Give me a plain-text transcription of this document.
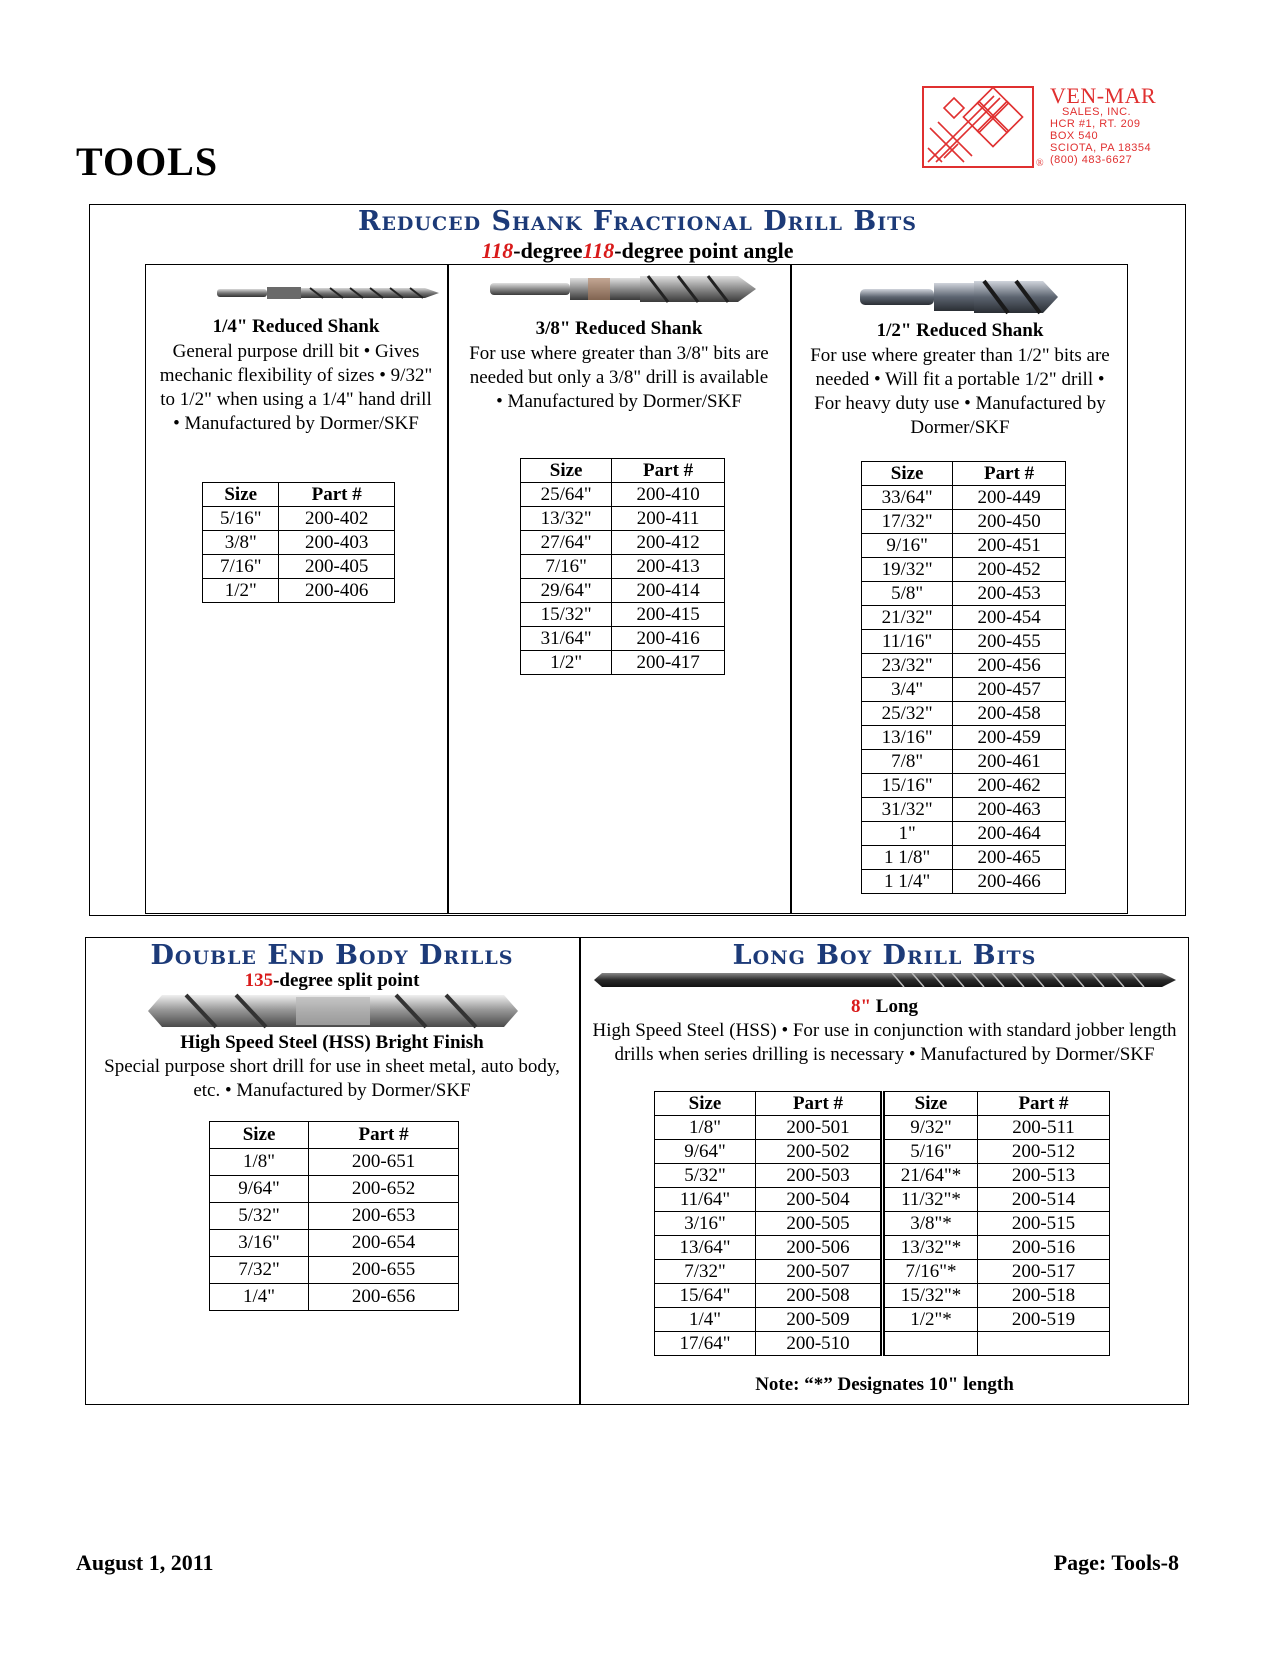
TOOLS	®
VEN-MAR
SALES, INC.
HCR #1, RT. 209
BOX 540
SCIOTA, PA 18354
(800) 483-6627
Reduced Shank Fractional Drill Bits
118-degree118-degree point angle
1/4" Reduced Shank
General purpose drill bit • Gives mechanic flexibility of sizes • 9/32" to 1/2" when using a 1/4" hand drill • Manufactured by Dormer/SKF
Size	Part #
5/16"	200-402
3/8"	200-403
7/16"	200-405
1/2"	200-406
3/8" Reduced Shank
For use where greater than 3/8" bits are needed but only a 3/8" drill is available • Manufactured by Dormer/SKF
Size	Part #
25/64"	200-410
13/32"	200-411
27/64"	200-412
7/16"	200-413
29/64"	200-414
15/32"	200-415
31/64"	200-416
1/2"	200-417
1/2" Reduced Shank
For use where greater than 1/2" bits are needed • Will fit a portable 1/2" drill • For heavy duty use • Manufactured by Dormer/SKF
Size	Part #
33/64"	200-449
17/32"	200-450
9/16"	200-451
19/32"	200-452
5/8"	200-453
21/32"	200-454
11/16"	200-455
23/32"	200-456
3/4"	200-457
25/32"	200-458
13/16"	200-459
7/8"	200-461
15/16"	200-462
31/32"	200-463
1"	200-464
1 1/8"	200-465
1 1/4"	200-466
Double End Body Drills
135-degree split point
High Speed Steel (HSS) Bright Finish
Special purpose short drill for use in sheet metal, auto body, etc. • Manufactured by Dormer/SKF
Size	Part #
1/8"	200-651
9/64"	200-652
5/32"	200-653
3/16"	200-654
7/32"	200-655
1/4"	200-656
Long Boy Drill Bits
8" Long
High Speed Steel (HSS) • For use in conjunction with standard jobber length drills when series drilling is necessary • Manufactured by Dormer/SKF
Size	Part #	Size	Part #
1/8"	200-501	9/32"	200-511
9/64"	200-502	5/16"	200-512
5/32"	200-503	21/64"*	200-513
11/64"	200-504	11/32"*	200-514
3/16"	200-505	3/8"*	200-515
13/64"	200-506	13/32"*	200-516
7/32"	200-507	7/16"*	200-517
15/64"	200-508	15/32"*	200-518
1/4"	200-509	1/2"*	200-519
17/64"	200-510		
Note: “*” Designates 10" length
August 1, 2011	Page: Tools-8
